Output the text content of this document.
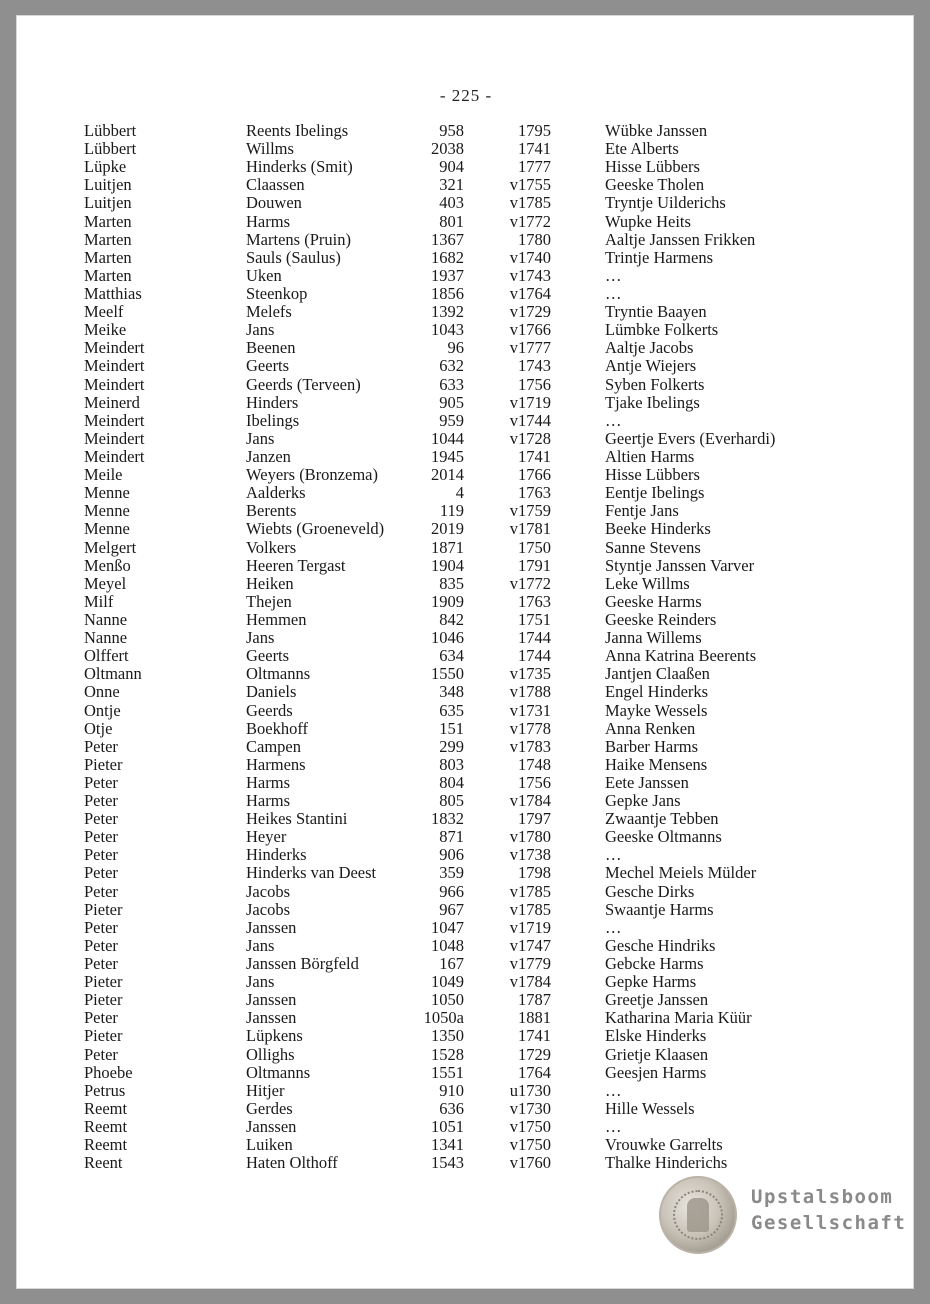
- 225 -
Lübbert	Reents Ibelings	958	1795	Wübke Janssen
Lübbert	Willms	2038	1741	Ete Alberts
Lüpke	Hinderks (Smit)	904	1777	Hisse Lübbers
Luitjen	Claassen	321	v1755	Geeske Tholen
Luitjen	Douwen	403	v1785	Tryntje Uilderichs
Marten	Harms	801	v1772	Wupke Heits
Marten	Martens (Pruin)	1367	1780	Aaltje Janssen Frikken
Marten	Sauls (Saulus)	1682	v1740	Trintje Harmens
Marten	Uken	1937	v1743	…
Matthias	Steenkop	1856	v1764	…
Meelf	Melefs	1392	v1729	Tryntie Baayen
Meike	Jans	1043	v1766	Lümbke Folkerts
Meindert	Beenen	96	v1777	Aaltje Jacobs
Meindert	Geerts	632	1743	Antje Wiejers
Meindert	Geerds (Terveen)	633	1756	Syben Folkerts
Meinerd	Hinders	905	v1719	Tjake Ibelings
Meindert	Ibelings	959	v1744	…
Meindert	Jans	1044	v1728	Geertje Evers (Everhardi)
Meindert	Janzen	1945	1741	Altien Harms
Meile	Weyers (Bronzema)	2014	1766	Hisse Lübbers
Menne	Aalderks	4	1763	Eentje Ibelings
Menne	Berents	119	v1759	Fentje Jans
Menne	Wiebts (Groeneveld)	2019	v1781	Beeke Hinderks
Melgert	Volkers	1871	1750	Sanne Stevens
Menßo	Heeren Tergast	1904	1791	Styntje Janssen Varver
Meyel	Heiken	835	v1772	Leke Willms
Milf	Thejen	1909	1763	Geeske Harms
Nanne	Hemmen	842	1751	Geeske Reinders
Nanne	Jans	1046	1744	Janna Willems
Olffert	Geerts	634	1744	Anna Katrina Beerents
Oltmann	Oltmanns	1550	v1735	Jantjen Claaßen
Onne	Daniels	348	v1788	Engel Hinderks
Ontje	Geerds	635	v1731	Mayke Wessels
Otje	Boekhoff	151	v1778	Anna Renken
Peter	Campen	299	v1783	Barber Harms
Pieter	Harmens	803	1748	Haike Mensens
Peter	Harms	804	1756	Eete Janssen
Peter	Harms	805	v1784	Gepke Jans
Peter	Heikes Stantini	1832	1797	Zwaantje Tebben
Peter	Heyer	871	v1780	Geeske Oltmanns
Peter	Hinderks	906	v1738	…
Peter	Hinderks van Deest	359	1798	Mechel Meiels Mülder
Peter	Jacobs	966	v1785	Gesche Dirks
Pieter	Jacobs	967	v1785	Swaantje Harms
Peter	Janssen	1047	v1719	…
Peter	Jans	1048	v1747	Gesche Hindriks
Peter	Janssen Börgfeld	167	v1779	Gebcke Harms
Pieter	Jans	1049	v1784	Gepke Harms
Pieter	Janssen	1050	1787	Greetje Janssen
Peter	Janssen	1050a	1881	Katharina Maria Küür
Pieter	Lüpkens	1350	1741	Elske Hinderks
Peter	Ollighs	1528	1729	Grietje Klaasen
Phoebe	Oltmanns	1551	1764	Geesjen Harms
Petrus	Hitjer	910	u1730	…
Reemt	Gerdes	636	v1730	Hille Wessels
Reemt	Janssen	1051	v1750	…
Reemt	Luiken	1341	v1750	Vrouwke Garrelts
Reent	Haten Olthoff	1543	v1760	Thalke Hinderichs
Upstalsboom
Gesellschaft
